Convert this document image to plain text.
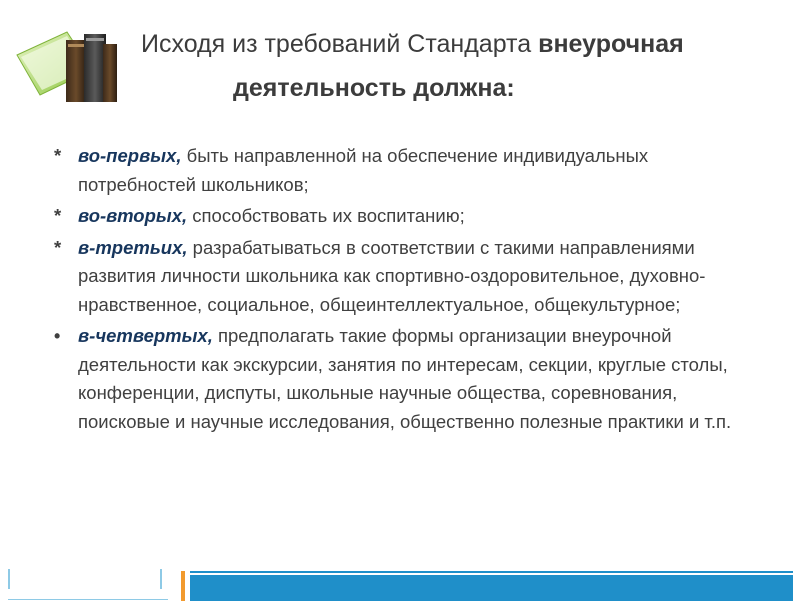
Исходя из требований Стандарта внеурочная
деятельность должна:
* во-первых, быть направленной на обеспечение индивидуальных потребностей школьников;
* во-вторых, способствовать их воспитанию;
* в-третьих, разрабатываться в соответствии с такими направлениями развития личности школьника как спортивно-оздоровительное, духовно-нравственное, социальное, общеинтеллектуальное, общекультурное;
• в-четвертых, предполагать такие формы организации внеурочной деятельности как экскурсии, занятия по интересам, секции, круглые столы, конференции, диспуты, школьные научные общества, соревнования, поисковые и научные исследования, общественно полезные практики и т.п.
